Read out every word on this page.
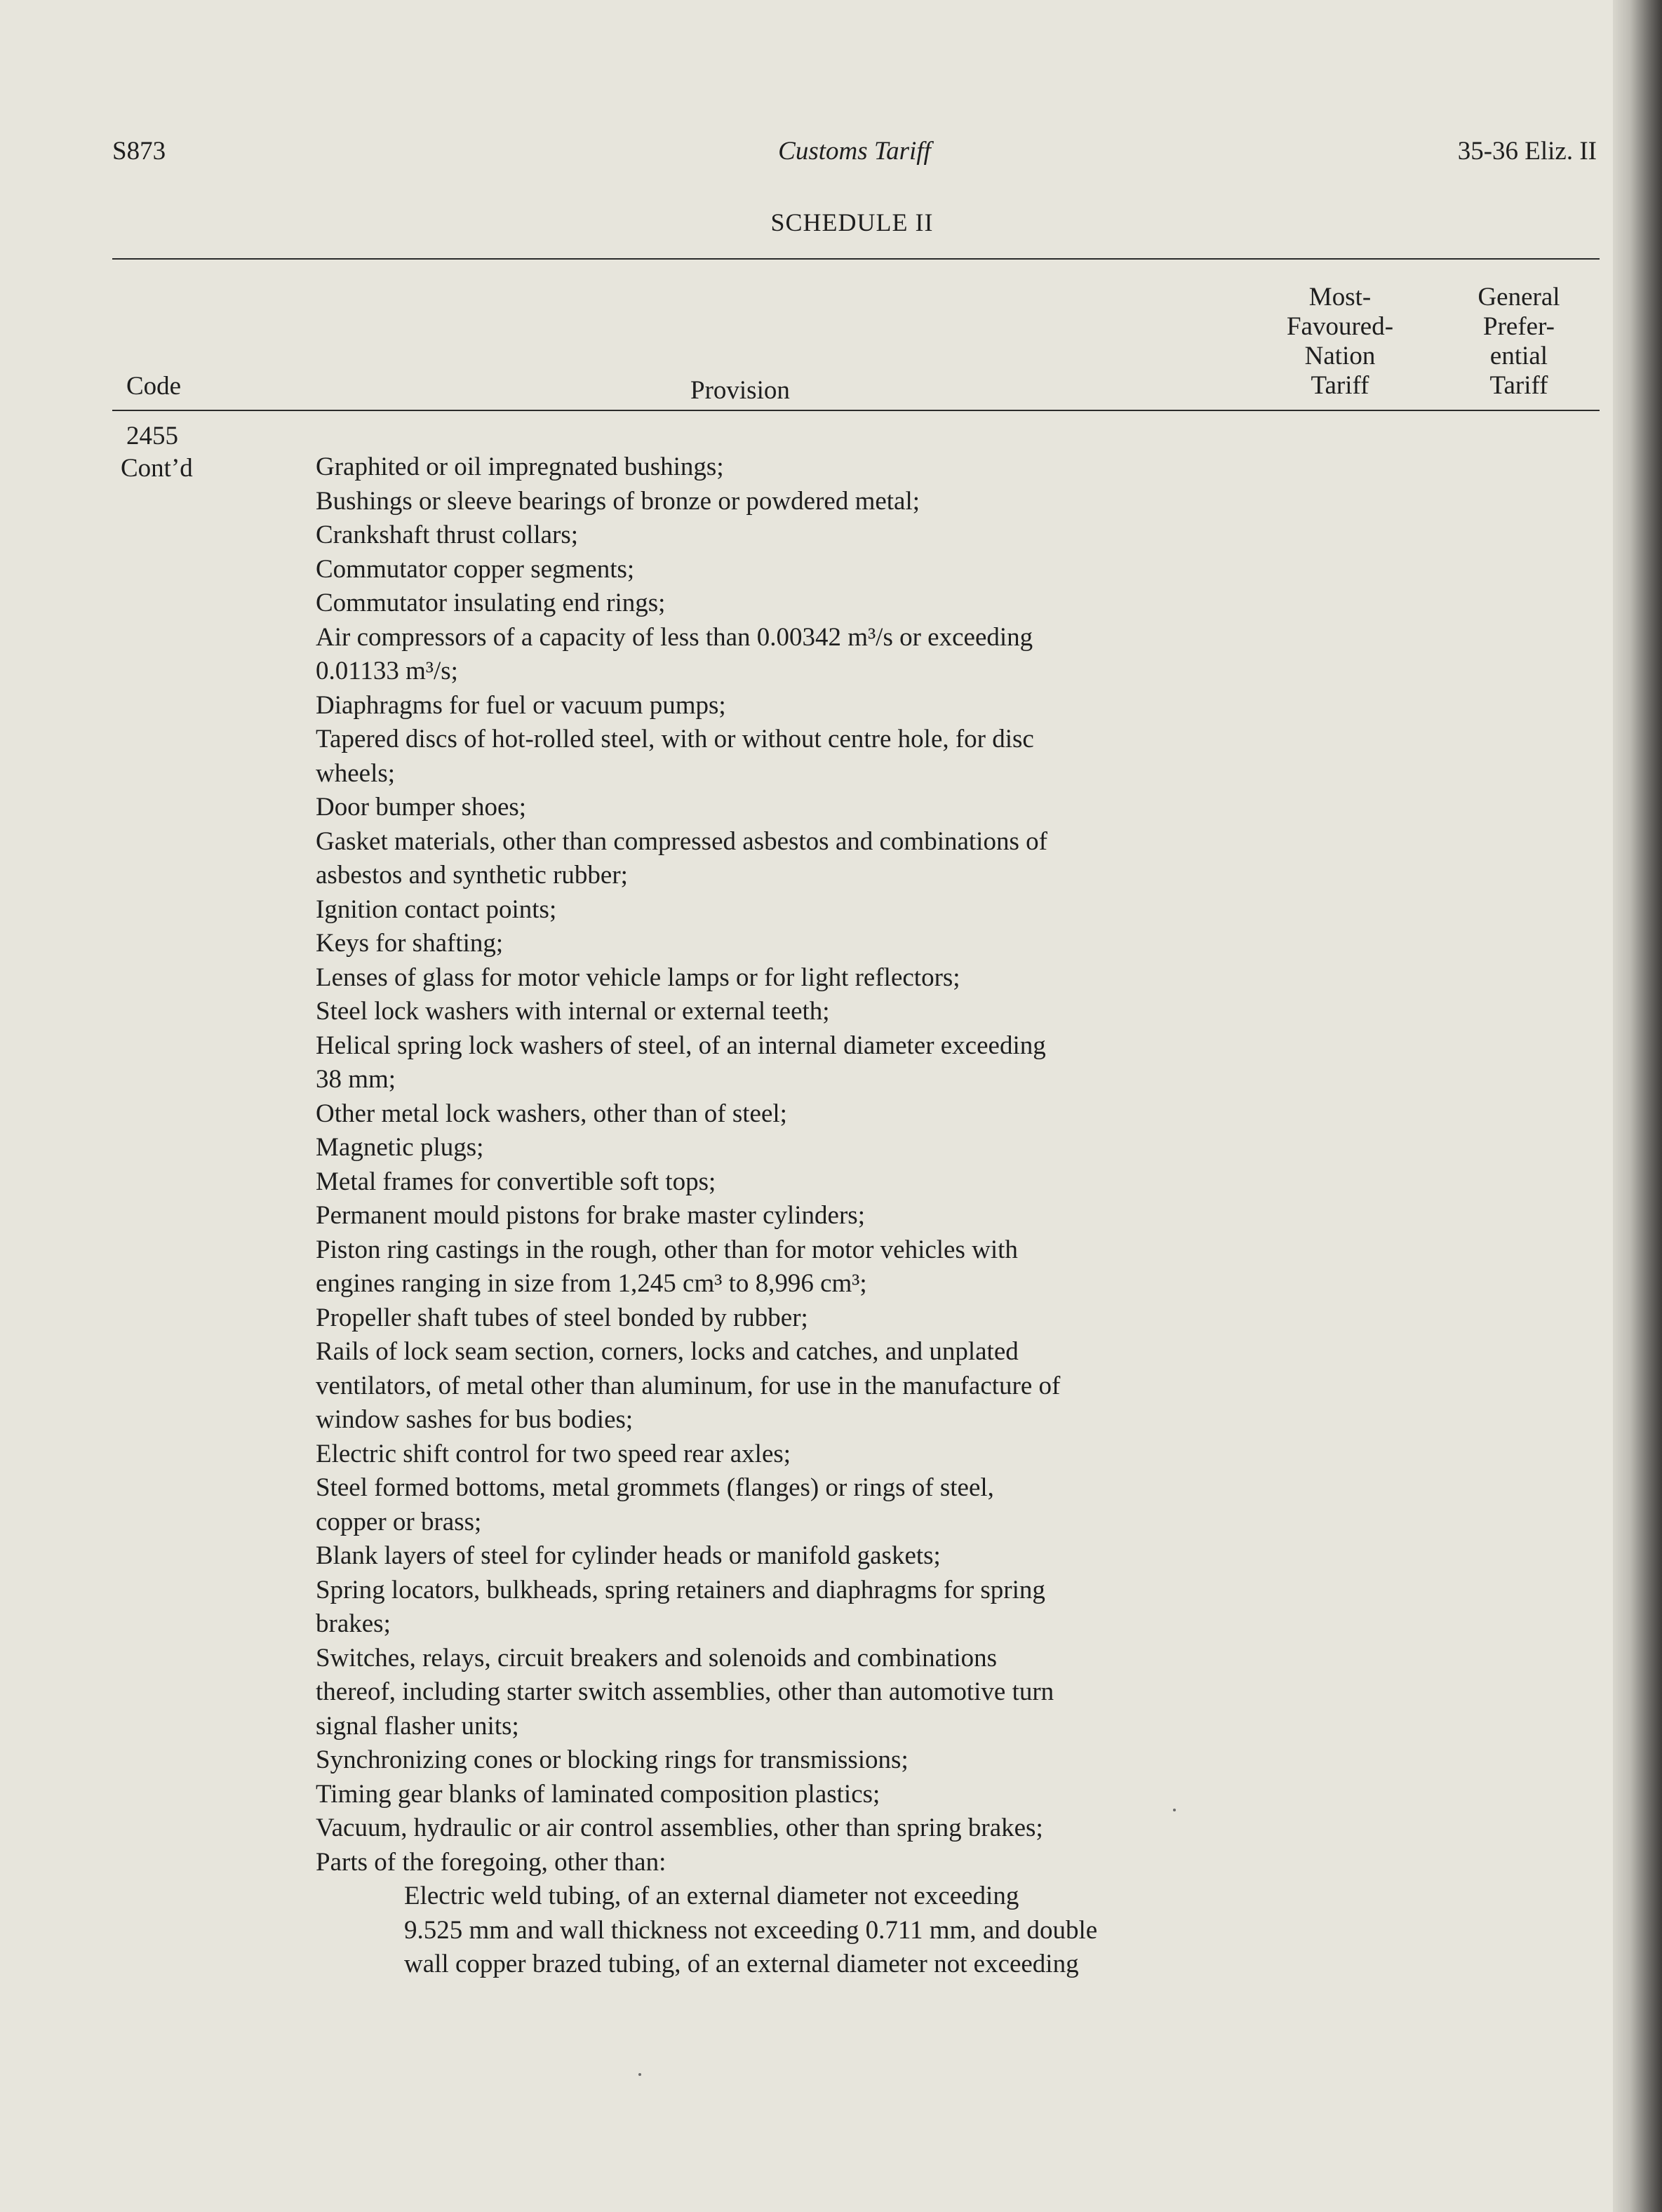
S873	Customs Tariff	35-36 Eliz. II
SCHEDULE II
Code	Provision
Most-
Favoured-
Nation
Tariff
General
Prefer-
ential
Tariff
2455
Cont’d	Graphited or oil impregnated bushings;
Bushings or sleeve bearings of bronze or powdered metal;
Crankshaft thrust collars;
Commutator copper segments;
Commutator insulating end rings;
Air compressors of a capacity of less than 0.00342 m³/s or exceeding
0.01133 m³/s;
Diaphragms for fuel or vacuum pumps;
Tapered discs of hot-rolled steel, with or without centre hole, for disc
wheels;
Door bumper shoes;
Gasket materials, other than compressed asbestos and combinations of
asbestos and synthetic rubber;
Ignition contact points;
Keys for shafting;
Lenses of glass for motor vehicle lamps or for light reflectors;
Steel lock washers with internal or external teeth;
Helical spring lock washers of steel, of an internal diameter exceeding
38 mm;
Other metal lock washers, other than of steel;
Magnetic plugs;
Metal frames for convertible soft tops;
Permanent mould pistons for brake master cylinders;
Piston ring castings in the rough, other than for motor vehicles with
engines ranging in size from 1,245 cm³ to 8,996 cm³;
Propeller shaft tubes of steel bonded by rubber;
Rails of lock seam section, corners, locks and catches, and unplated
ventilators, of metal other than aluminum, for use in the manufacture of
window sashes for bus bodies;
Electric shift control for two speed rear axles;
Steel formed bottoms, metal grommets (flanges) or rings of steel,
copper or brass;
Blank layers of steel for cylinder heads or manifold gaskets;
Spring locators, bulkheads, spring retainers and diaphragms for spring
brakes;
Switches, relays, circuit breakers and solenoids and combinations
thereof, including starter switch assemblies, other than automotive turn
signal flasher units;
Synchronizing cones or blocking rings for transmissions;
Timing gear blanks of laminated composition plastics;
Vacuum, hydraulic or air control assemblies, other than spring brakes;
Parts of the foregoing, other than:
Electric weld tubing, of an external diameter not exceeding
9.525 mm and wall thickness not exceeding 0.711 mm, and double
wall copper brazed tubing, of an external diameter not exceeding
